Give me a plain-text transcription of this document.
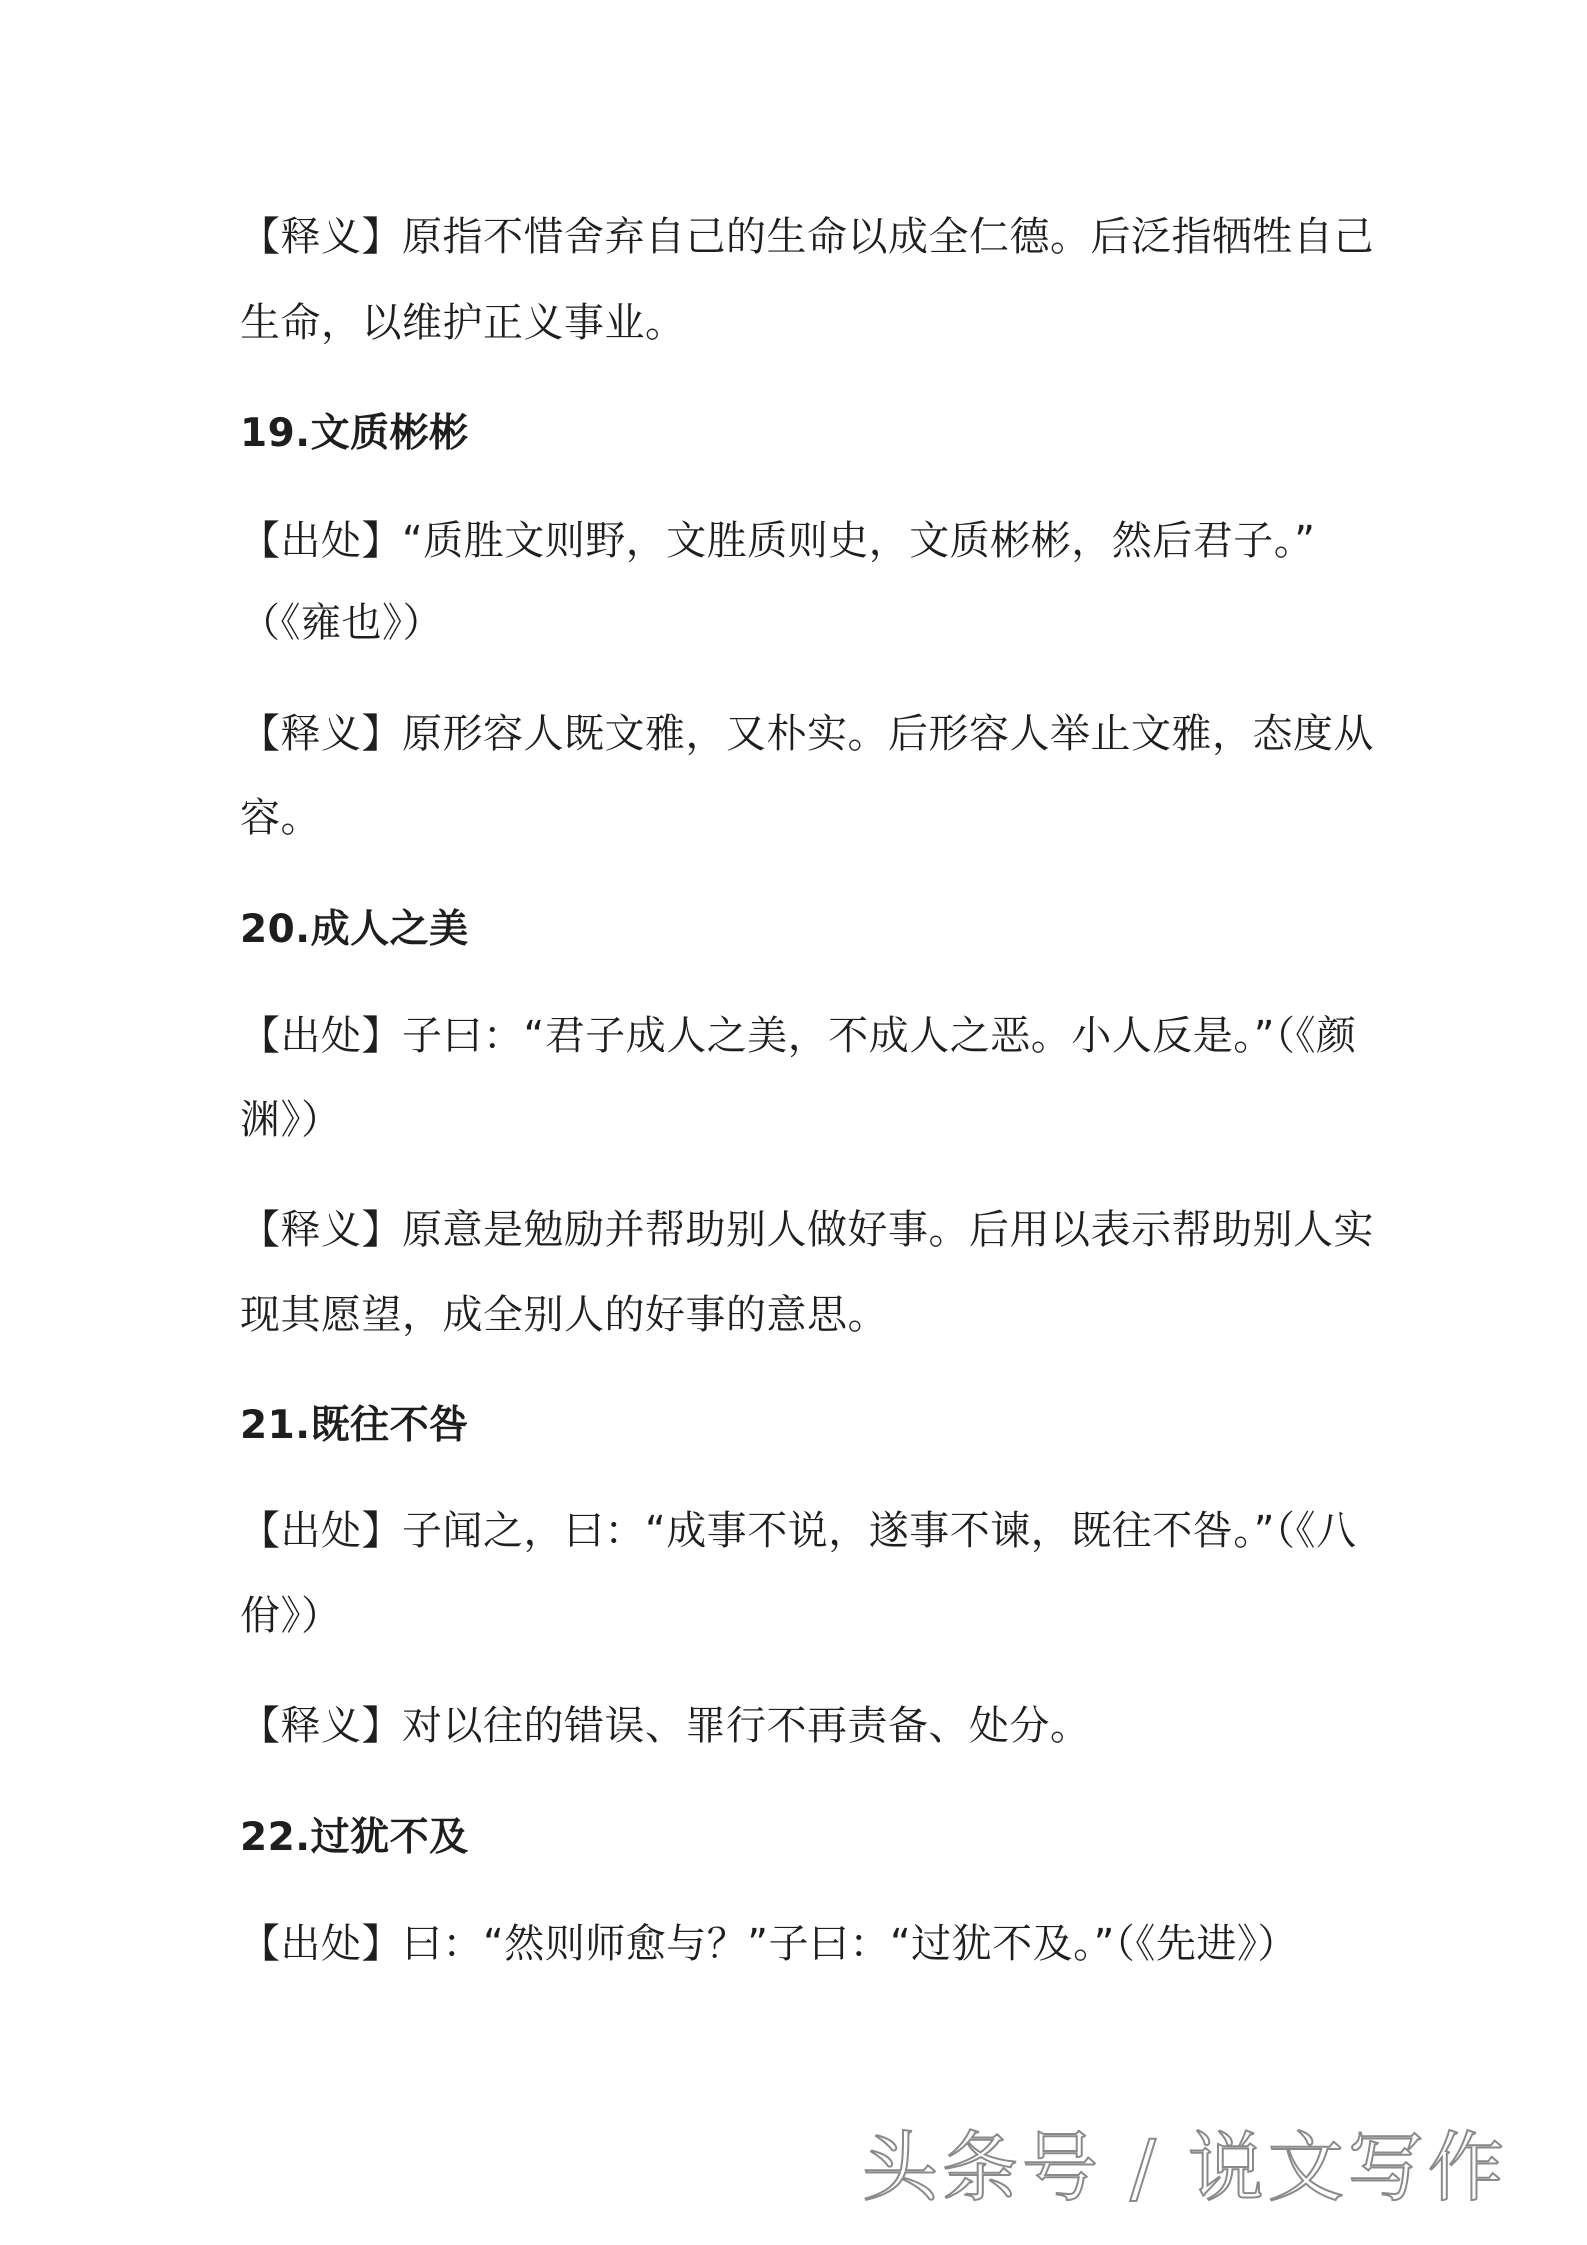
【释义】原指不惜舍弃自己的生命以成全仁德。后泛指牺牲自己
生命，以维护正义事业。
19.文质彬彬
【出处】“质胜文则野，文胜质则史，文质彬彬，然后君子。”
（《雍也》）
【释义】原形容人既文雅，又朴实。后形容人举止文雅，态度从
容。
20.成人之美
【出处】子曰：“君子成人之美，不成人之恶。小人反是。”（《颜
渊》）
【释义】原意是勉励并帮助别人做好事。后用以表示帮助别人实
现其愿望，成全别人的好事的意思。
21.既往不咎
【出处】子闻之，曰：“成事不说，遂事不谏，既往不咎。”（《八
佾》）
【释义】对以往的错误、罪行不再责备、处分。
22.过犹不及
【出处】曰：“然则师愈与？”子曰：“过犹不及。”（《先进》）
头条号 / 说文写作
